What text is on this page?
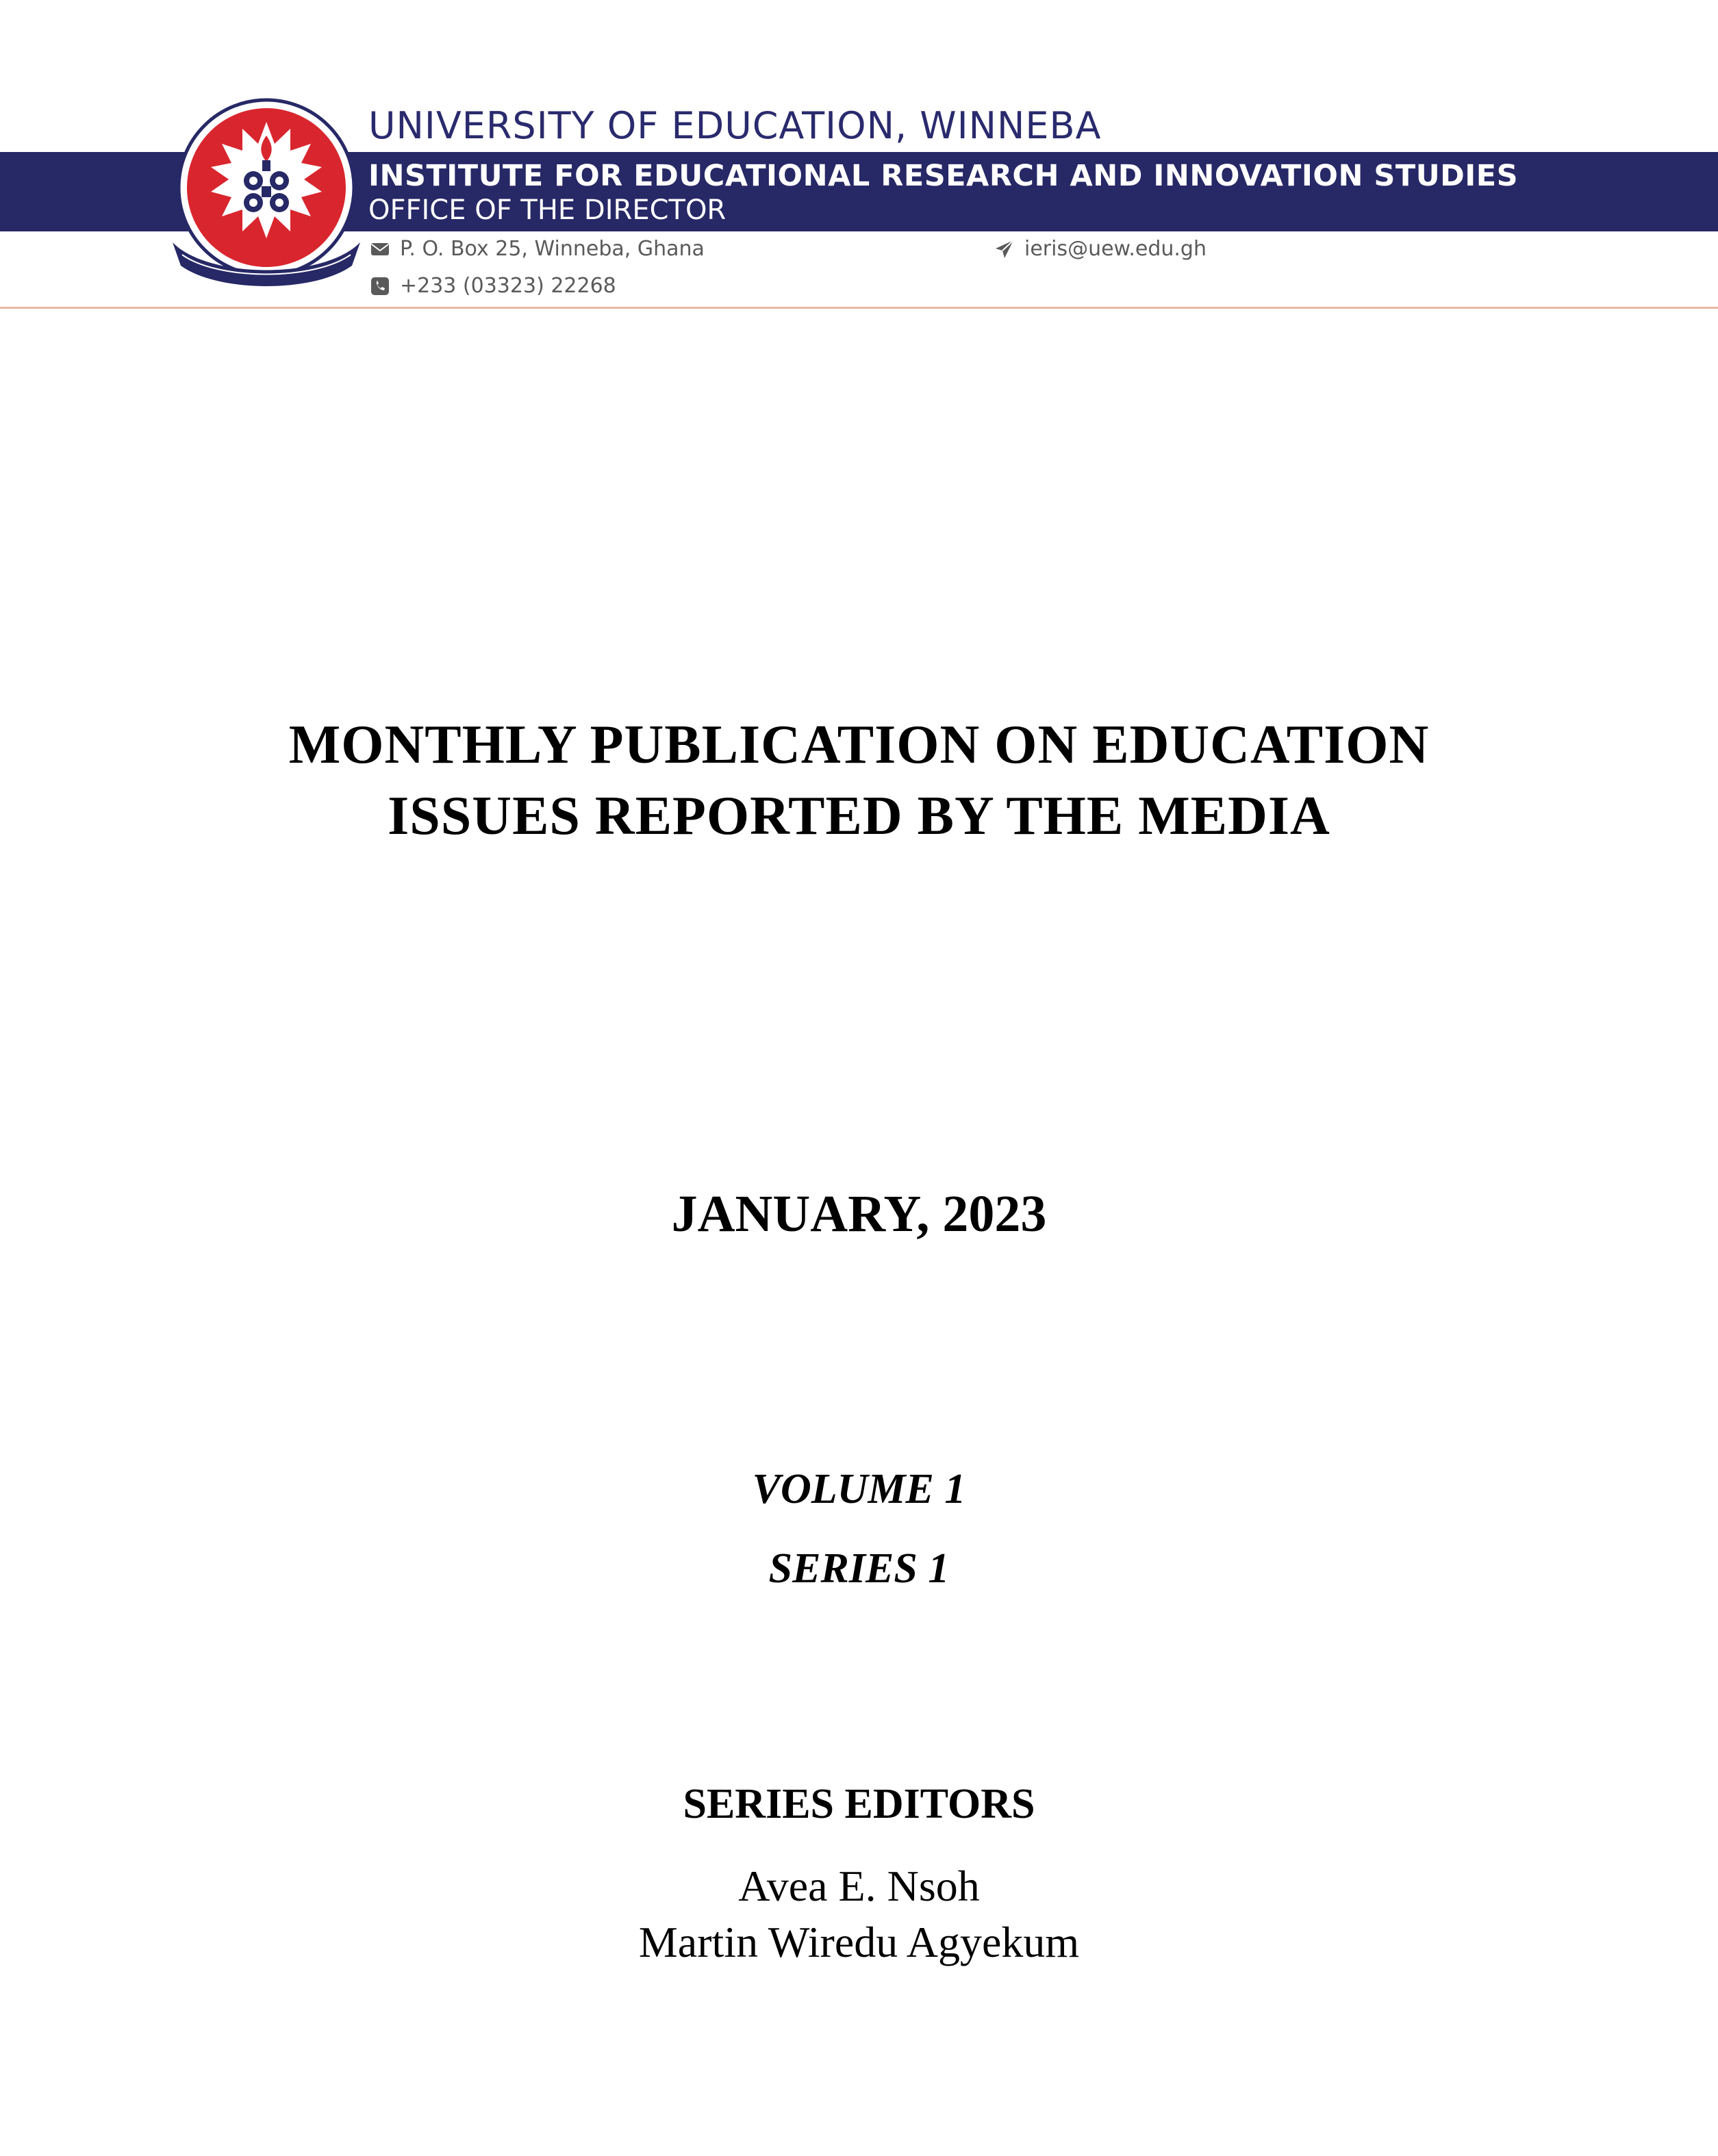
UNIVERSITY OF EDUCATION, WINNEBA
INSTITUTE FOR EDUCATIONAL RESEARCH AND INNOVATION STUDIES
OFFICE OF THE DIRECTOR
P. O. Box 25, Winneba, Ghana
+233 (03323) 22268
ieris@uew.edu.gh
MONTHLY PUBLICATION ON EDUCATION
ISSUES REPORTED BY THE MEDIA
JANUARY, 2023
VOLUME 1
SERIES 1
SERIES EDITORS
Avea E. Nsoh
Martin Wiredu Agyekum
